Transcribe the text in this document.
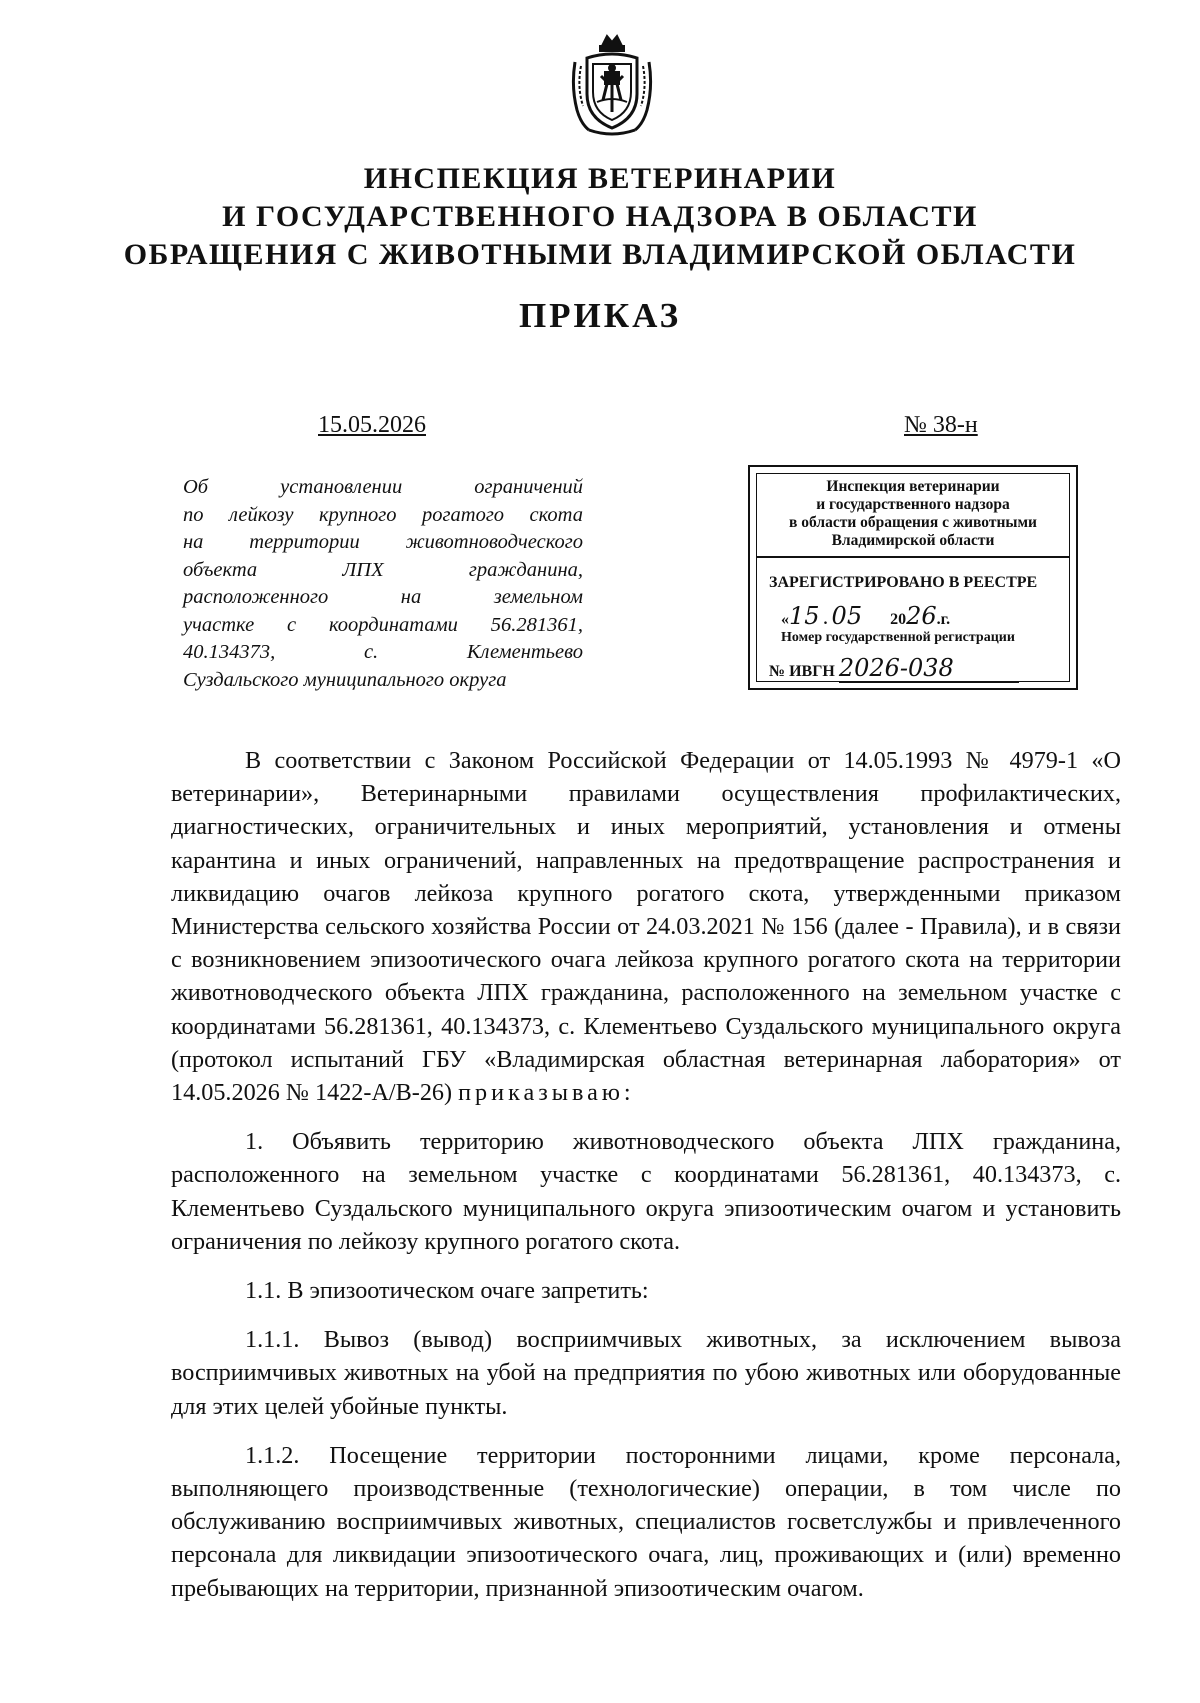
ИНСПЕКЦИЯ ВЕТЕРИНАРИИ
И ГОСУДАРСТВЕННОГО НАДЗОРА В ОБЛАСТИ
ОБРАЩЕНИЯ С ЖИВОТНЫМИ ВЛАДИМИРСКОЙ ОБЛАСТИ
ПРИКАЗ
15.05.2026	№ 38-н
Об установлении ограничений
по лейкозу крупного рогатого скота
на территории животноводческого
объекта ЛПХ гражданина,
расположенного на земельном
участке с координатами 56.281361,
40.134373, с. Клементьево
Суздальского муниципального округа
Инспекция ветеринарии
и государственного надзора
в области обращения с животными
Владимирской области
ЗАРЕГИСТРИРОВАНО В РЕЕСТРЕ
«15 . 05 2026.г.
Номер государственной регистрации
№ ИВГН 2026-038

В соответствии с Законом Российской Федерации от 14.05.1993 № 4979-1 «О ветеринарии», Ветеринарными правилами осуществления профилактических, диагностических, ограничительных и иных мероприятий, установления и отмены карантина и иных ограничений, направленных на предотвращение распространения и ликвидацию очагов лейкоза крупного рогатого скота, утвержденными приказом Министерства сельского хозяйства России от 24.03.2021 № 156 (далее - Правила), и в связи с возникновением эпизоотического очага лейкоза крупного рогатого скота на территории животноводческого объекта ЛПХ гражданина, расположенного на земельном участке с координатами 56.281361, 40.134373, с. Клементьево Суздальского муниципального округа (протокол испытаний ГБУ «Владимирская областная ветеринарная лаборатория» от 14.05.2026 № 1422-А/В-26) приказываю:

1. Объявить территорию животноводческого объекта ЛПХ гражданина, расположенного на земельном участке с координатами 56.281361, 40.134373, с. Клементьево Суздальского муниципального округа эпизоотическим очагом и установить ограничения по лейкозу крупного рогатого скота.

1.1. В эпизоотическом очаге запретить:

1.1.1. Вывоз (вывод) восприимчивых животных, за исключением вывоза восприимчивых животных на убой на предприятия по убою животных или оборудованные для этих целей убойные пункты.

1.1.2. Посещение территории посторонними лицами, кроме персонала, выполняющего производственные (технологические) операции, в том числе по обслуживанию восприимчивых животных, специалистов госветслужбы и привлеченного персонала для ликвидации эпизоотического очага, лиц, проживающих и (или) временно пребывающих на территории, признанной эпизоотическим очагом.
